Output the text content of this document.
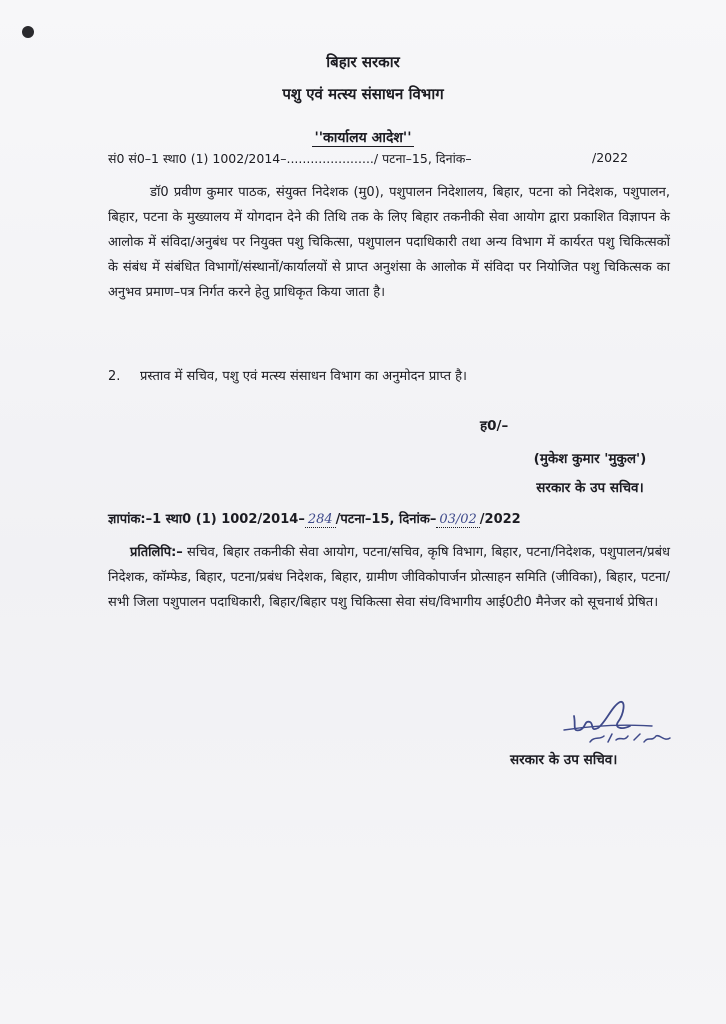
बिहार सरकार
पशु एवं मत्स्य संसाधन विभाग
''कार्यालय आदेश''
सं0 सं0–1 स्था0 (1) 1002/2014–....................../ पटना–15, दिनांक–	/2022
डॉ0 प्रवीण कुमार पाठक, संयुक्त निदेशक (मु0), पशुपालन निदेशालय, बिहार, पटना को निदेशक, पशुपालन, बिहार, पटना के मुख्यालय में योगदान देने की तिथि तक के लिए बिहार तकनीकी सेवा आयोग द्वारा प्रकाशित विज्ञापन के आलोक में संविदा/अनुबंध पर नियुक्त पशु चिकित्सा, पशुपालन पदाधिकारी तथा अन्य विभाग में कार्यरत पशु चिकित्सकों के संबंध में संबंधित विभागों/संस्थानों/कार्यालयों से प्राप्त अनुशंसा के आलोक में संविदा पर नियोजित पशु चिकित्सक का अनुभव प्रमाण–पत्र निर्गत करने हेतु प्राधिकृत किया जाता है।
2. प्रस्ताव में सचिव, पशु एवं मत्स्य संसाधन विभाग का अनुमोदन प्राप्त है।
ह0/–
(मुकेश कुमार 'मुकुल')
सरकार के उप सचिव।
ज्ञापांक:–1 स्था0 (1) 1002/2014– 284 /पटना–15, दिनांक– 03/02 /2022
प्रतिलिपि:– सचिव, बिहार तकनीकी सेवा आयोग, पटना/सचिव, कृषि विभाग, बिहार, पटना/निदेशक, पशुपालन/प्रबंध निदेशक, कॉम्फेड, बिहार, पटना/प्रबंध निदेशक, बिहार, ग्रामीण जीविकोपार्जन प्रोत्साहन समिति (जीविका), बिहार, पटना/सभी जिला पशुपालन पदाधिकारी, बिहार/बिहार पशु चिकित्सा सेवा संघ/विभागीय आई0टी0 मैनेजर को सूचनार्थ प्रेषित।
सरकार के उप सचिव।
